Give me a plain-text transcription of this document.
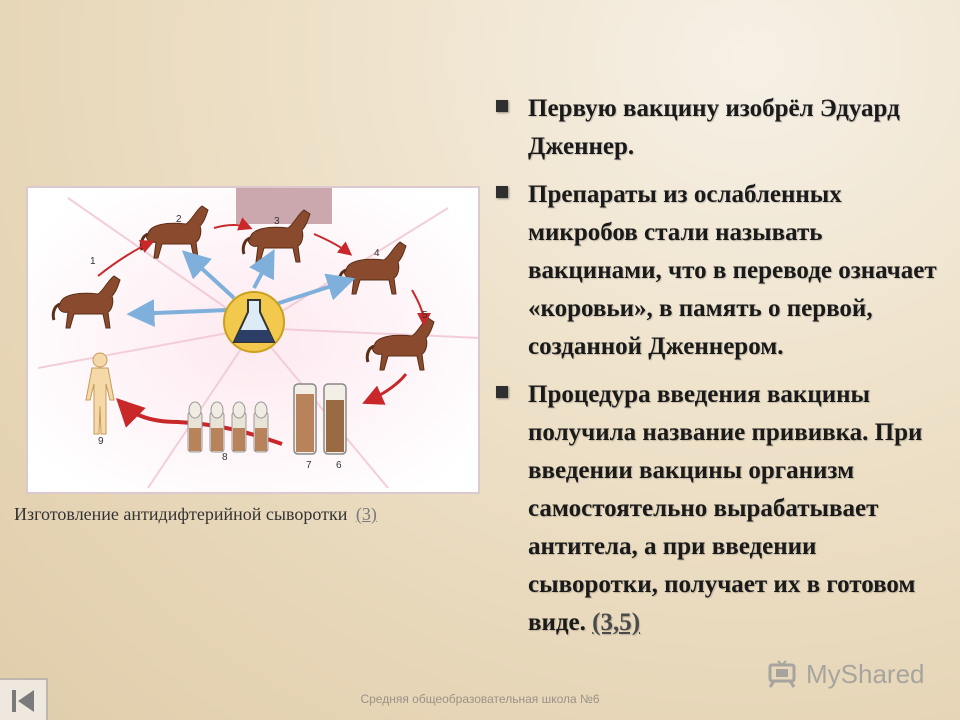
1
2	3
4
5
6
7
8
9
Изготовление антидифтерийной сыворотки (3)
Первую вакцину изобрёл Эдуард Дженнер.
Препараты из ослабленных микробов стали называть вакцинами, что в переводе означает «коровьи», в память о первой, созданной Дженнером.
Процедура введения вакцины получила название прививка. При введении вакцины организм самостоятельно вырабатывает антитела, а при введении сыворотки, получает их в готовом виде. (3,5)
Средняя общеобразовательная школа №6
MyShared
